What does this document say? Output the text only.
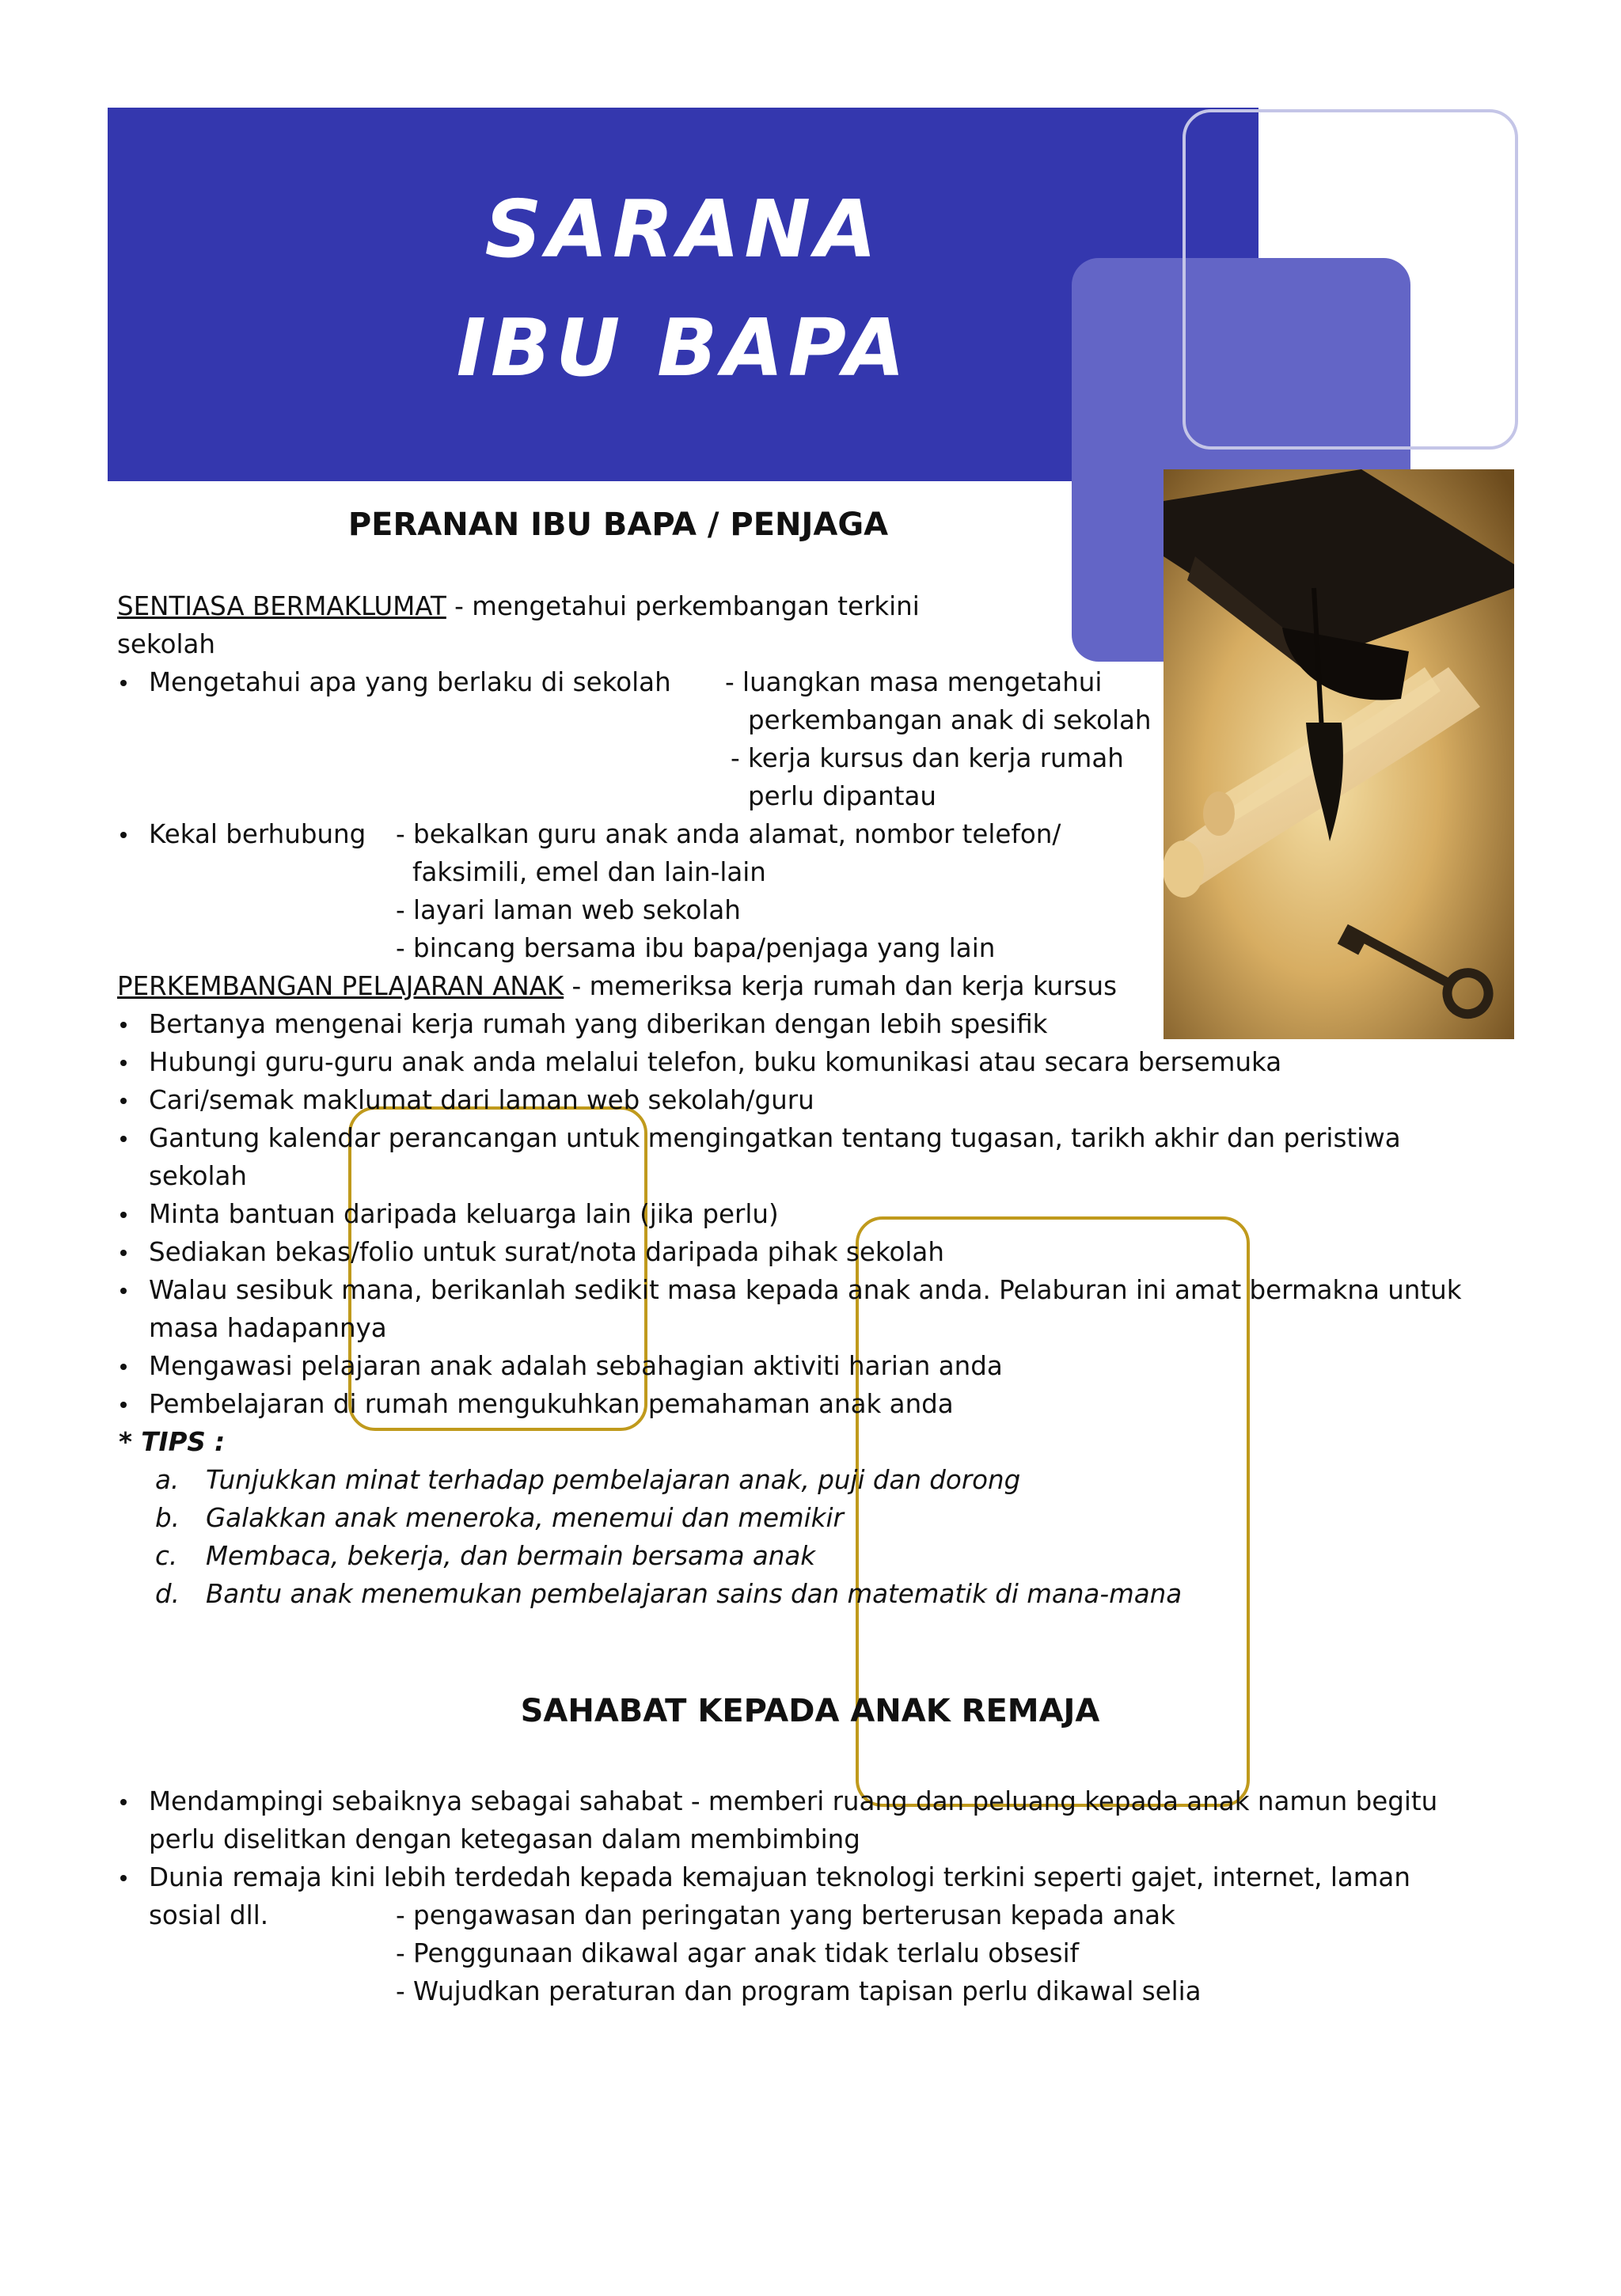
SARANA
IBU BAPA
PERANAN IBU BAPA / PENJAGA
SENTIASA BERMAKLUMAT - mengetahui perkembangan terkini
sekolah
Mengetahui apa yang berlaku di sekolah - luangkan masa mengetahui
perkembangan anak di sekolah
- kerja kursus dan kerja rumah
perlu dipantau
Kekal berhubung - bekalkan guru anak anda alamat, nombor telefon/
faksimili, emel dan lain-lain
- layari laman web sekolah
- bincang bersama ibu bapa/penjaga yang lain
PERKEMBANGAN PELAJARAN ANAK - memeriksa kerja rumah dan kerja kursus
Bertanya mengenai kerja rumah yang diberikan dengan lebih spesifik
Hubungi guru-guru anak anda melalui telefon, buku komunikasi atau secara bersemuka
Cari/semak maklumat dari laman web sekolah/guru
Gantung kalendar perancangan untuk mengingatkan tentang tugasan, tarikh akhir dan peristiwa
sekolah
Minta bantuan daripada keluarga lain (jika perlu)
Sediakan bekas/folio untuk surat/nota daripada pihak sekolah
Walau sesibuk mana, berikanlah sedikit masa kepada anak anda. Pelaburan ini amat bermakna untuk
masa hadapannya
Mengawasi pelajaran anak adalah sebahagian aktiviti harian anda
Pembelajaran di rumah mengukuhkan pemahaman anak anda
* TIPS :
a. Tunjukkan minat terhadap pembelajaran anak, puji dan dorong
b. Galakkan anak meneroka, menemui dan memikir
c. Membaca, bekerja, dan bermain bersama anak
d. Bantu anak menemukan pembelajaran sains dan matematik di mana-mana
SAHABAT KEPADA ANAK REMAJA
Mendampingi sebaiknya sebagai sahabat - memberi ruang dan peluang kepada anak namun begitu
perlu diselitkan dengan ketegasan dalam membimbing
Dunia remaja kini lebih terdedah kepada kemajuan teknologi terkini seperti gajet, internet, laman
sosial dll.	- pengawasan dan peringatan yang berterusan kepada anak
- Penggunaan dikawal agar anak tidak terlalu obsesif
- Wujudkan peraturan dan program tapisan perlu dikawal selia
